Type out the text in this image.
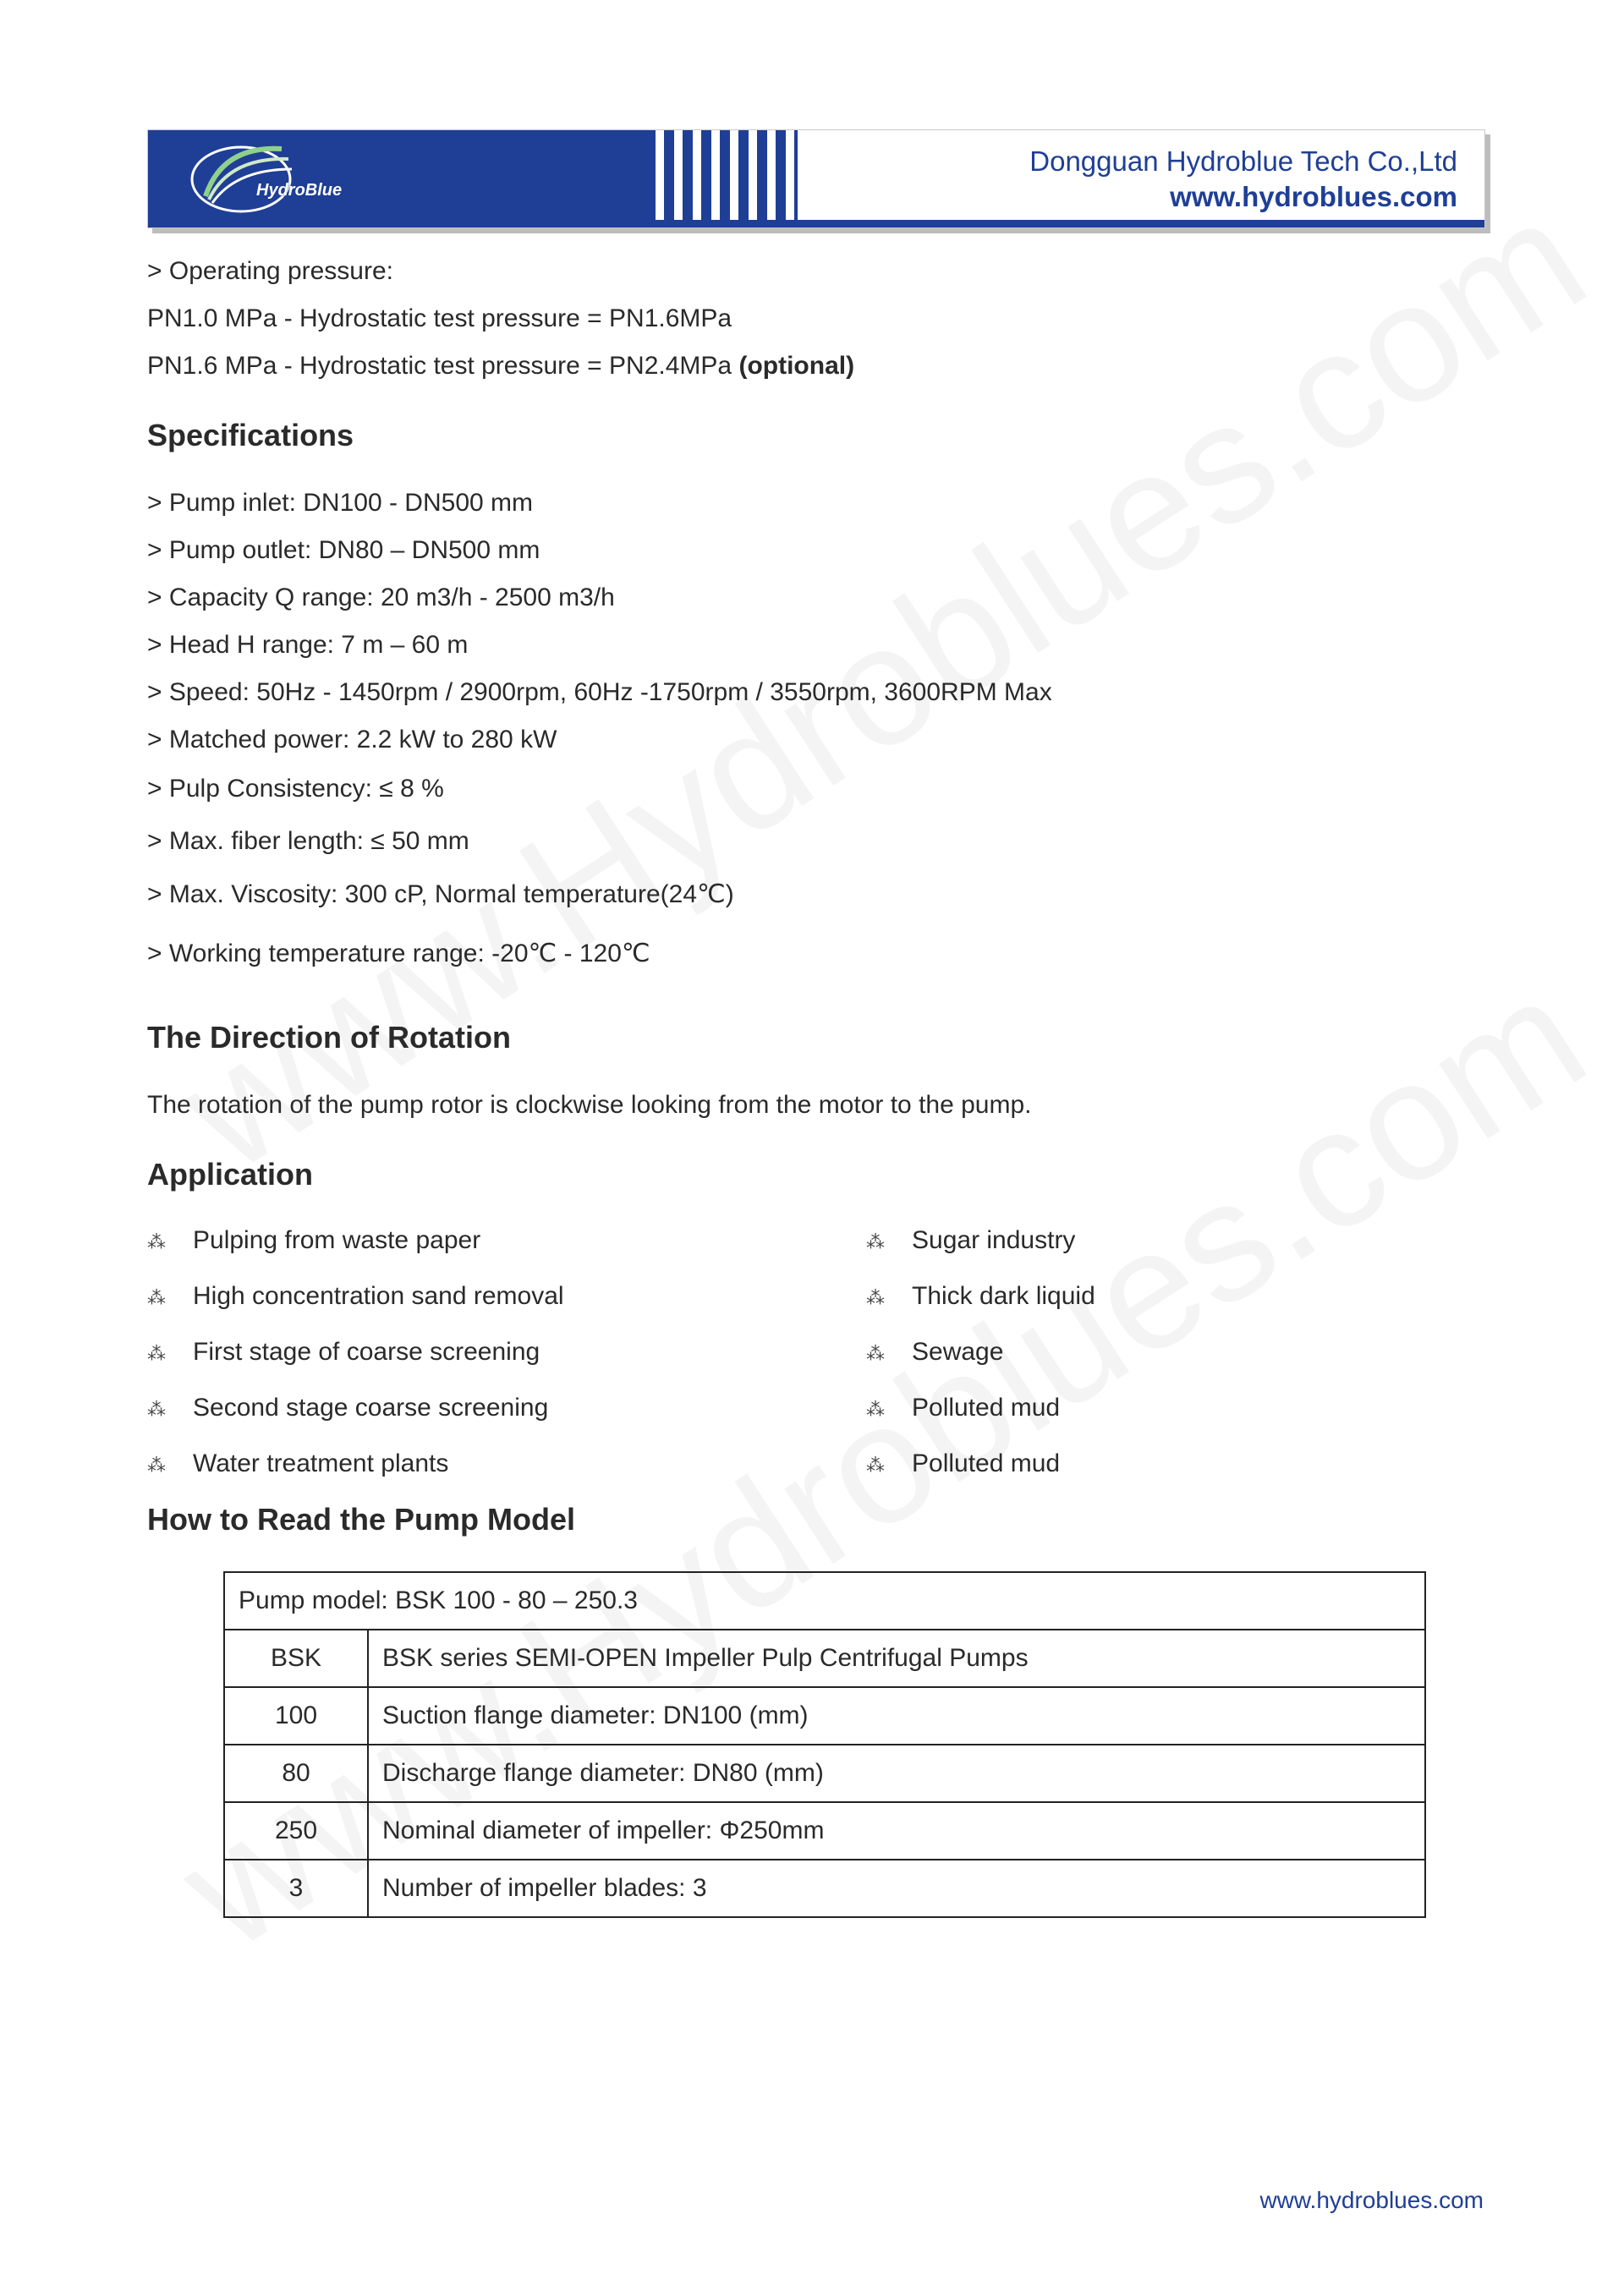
HydroBlue
Dongguan Hydroblue Tech Co.,Ltd
www.hydroblues.com
> Operating pressure:
PN1.0 MPa - Hydrostatic test pressure = PN1.6MPa
PN1.6 MPa - Hydrostatic test pressure = PN2.4MPa (optional)
Specifications
> Pump inlet: DN100 - DN500 mm
> Pump outlet: DN80 – DN500 mm
> Capacity Q range: 20 m3/h - 2500 m3/h
> Head H range: 7 m – 60 m
> Speed: 50Hz - 1450rpm / 2900rpm, 60Hz -1750rpm / 3550rpm, 3600RPM Max
> Matched power: 2.2 kW to 280 kW
> Pulp Consistency: ≤ 8 %
> Max. fiber length: ≤ 50 mm
> Max. Viscosity: 300 cP, Normal temperature(24℃)
> Working temperature range: -20℃ - 120℃
The Direction of Rotation
The rotation of the pump rotor is clockwise looking from the motor to the pump.
Application
⁂ Pulping from waste paper
⁂ High concentration sand removal
⁂ First stage of coarse screening
⁂ Second stage coarse screening
⁂ Water treatment plants
⁂ Sugar industry
⁂ Thick dark liquid
⁂ Sewage
⁂ Polluted mud
⁂ Polluted mud
How to Read the Pump Model
Pump model: BSK 100 - 80 – 250.3	
BSK	BSK series SEMI-OPEN Impeller Pulp Centrifugal Pumps
100	Suction flange diameter: DN100 (mm)
80	Discharge flange diameter: DN80 (mm)
250	Nominal diameter of impeller: Φ250mm
3	Number of impeller blades: 3
www.hydroblues.com
